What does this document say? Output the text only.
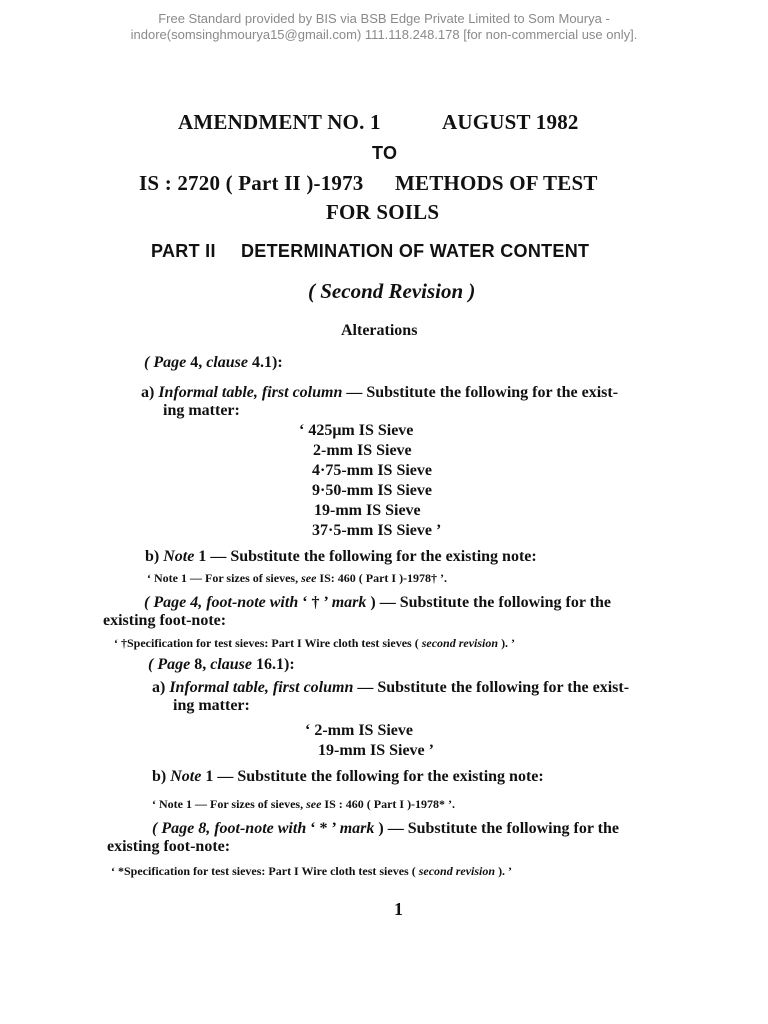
Free Standard provided by BIS via BSB Edge Private Limited to Som Mourya -
indore(somsinghmourya15@gmail.com) 111.118.248.178 [for non-commercial use only].
AMENDMENT NO. 1	AUGUST 1982
TO
IS : 2720 ( Part II )-1973 METHODS OF TEST
FOR SOILS
PART II DETERMINATION OF WATER CONTENT
( Second Revision )
Alterations
( Page 4, clause 4.1):
a) Informal table, first column — Substitute the following for the exist-
ing matter:
‘ 425μm IS Sieve
2-mm IS Sieve
4·75-mm IS Sieve
9·50-mm IS Sieve
19-mm IS Sieve
37·5-mm IS Sieve ’
b) Note 1 — Substitute the following for the existing note:
‘ Note 1 — For sizes of sieves, see IS: 460 ( Part I )-1978† ’.
( Page 4, foot-note with ‘ † ’ mark ) — Substitute the following for the
existing foot-note:
‘ †Specification for test sieves: Part I Wire cloth test sieves ( second revision ). ’
( Page 8, clause 16.1):
a) Informal table, first column — Substitute the following for the exist-
ing matter:
‘ 2-mm IS Sieve
19-mm IS Sieve ’
b) Note 1 — Substitute the following for the existing note:
‘ Note 1 — For sizes of sieves, see IS : 460 ( Part I )-1978* ’.
( Page 8, foot-note with ‘ * ’ mark ) — Substitute the following for the
existing foot-note:
‘ *Specification for test sieves: Part I Wire cloth test sieves ( second revision ). ’
1
